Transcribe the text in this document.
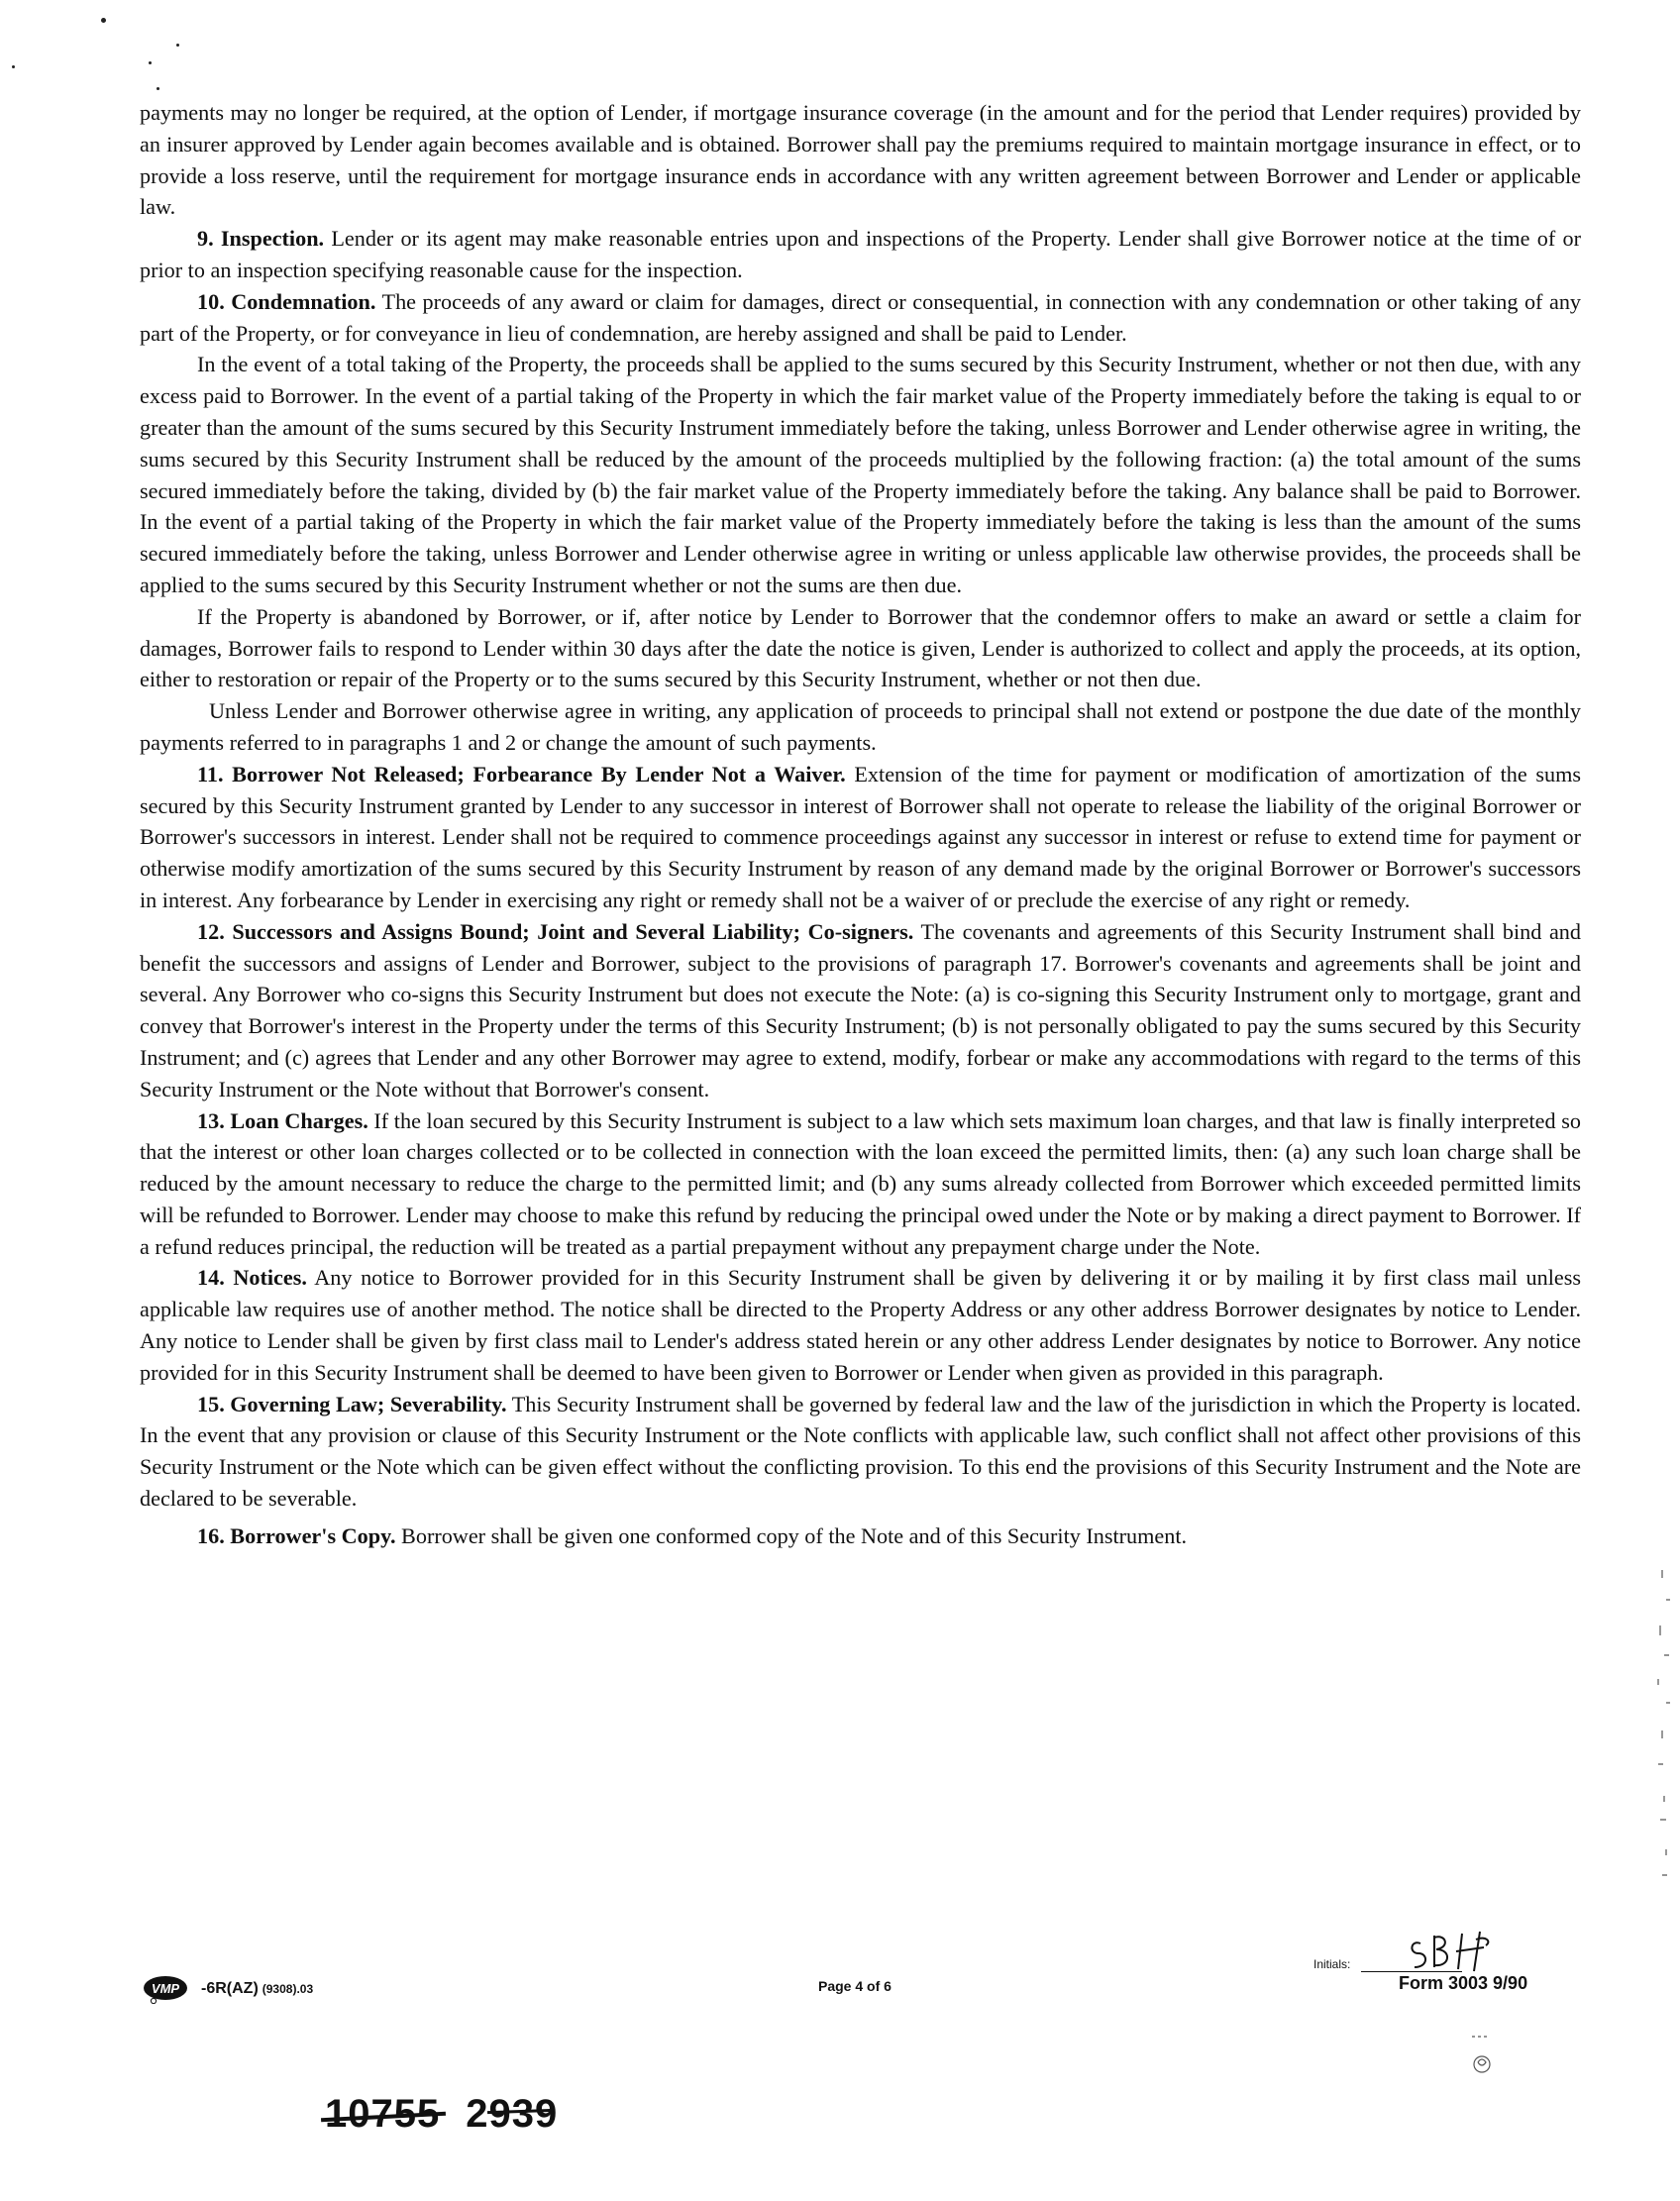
payments may no longer be required, at the option of Lender, if mortgage insurance coverage (in the amount and for the period that Lender requires) provided by an insurer approved by Lender again becomes available and is obtained. Borrower shall pay the premiums required to maintain mortgage insurance in effect, or to provide a loss reserve, until the requirement for mortgage insurance ends in accordance with any written agreement between Borrower and Lender or applicable law.

9. Inspection. Lender or its agent may make reasonable entries upon and inspections of the Property. Lender shall give Borrower notice at the time of or prior to an inspection specifying reasonable cause for the inspection.

10. Condemnation. The proceeds of any award or claim for damages, direct or consequential, in connection with any condemnation or other taking of any part of the Property, or for conveyance in lieu of condemnation, are hereby assigned and shall be paid to Lender.

In the event of a total taking of the Property, the proceeds shall be applied to the sums secured by this Security Instrument, whether or not then due, with any excess paid to Borrower. In the event of a partial taking of the Property in which the fair market value of the Property immediately before the taking is equal to or greater than the amount of the sums secured by this Security Instrument immediately before the taking, unless Borrower and Lender otherwise agree in writing, the sums secured by this Security Instrument shall be reduced by the amount of the proceeds multiplied by the following fraction: (a) the total amount of the sums secured immediately before the taking, divided by (b) the fair market value of the Property immediately before the taking. Any balance shall be paid to Borrower. In the event of a partial taking of the Property in which the fair market value of the Property immediately before the taking is less than the amount of the sums secured immediately before the taking, unless Borrower and Lender otherwise agree in writing or unless applicable law otherwise provides, the proceeds shall be applied to the sums secured by this Security Instrument whether or not the sums are then due.

If the Property is abandoned by Borrower, or if, after notice by Lender to Borrower that the condemnor offers to make an award or settle a claim for damages, Borrower fails to respond to Lender within 30 days after the date the notice is given, Lender is authorized to collect and apply the proceeds, at its option, either to restoration or repair of the Property or to the sums secured by this Security Instrument, whether or not then due.

Unless Lender and Borrower otherwise agree in writing, any application of proceeds to principal shall not extend or postpone the due date of the monthly payments referred to in paragraphs 1 and 2 or change the amount of such payments.

11. Borrower Not Released; Forbearance By Lender Not a Waiver. Extension of the time for payment or modification of amortization of the sums secured by this Security Instrument granted by Lender to any successor in interest of Borrower shall not operate to release the liability of the original Borrower or Borrower's successors in interest. Lender shall not be required to commence proceedings against any successor in interest or refuse to extend time for payment or otherwise modify amortization of the sums secured by this Security Instrument by reason of any demand made by the original Borrower or Borrower's successors in interest. Any forbearance by Lender in exercising any right or remedy shall not be a waiver of or preclude the exercise of any right or remedy.

12. Successors and Assigns Bound; Joint and Several Liability; Co-signers. The covenants and agreements of this Security Instrument shall bind and benefit the successors and assigns of Lender and Borrower, subject to the provisions of paragraph 17. Borrower's covenants and agreements shall be joint and several. Any Borrower who co-signs this Security Instrument but does not execute the Note: (a) is co-signing this Security Instrument only to mortgage, grant and convey that Borrower's interest in the Property under the terms of this Security Instrument; (b) is not personally obligated to pay the sums secured by this Security Instrument; and (c) agrees that Lender and any other Borrower may agree to extend, modify, forbear or make any accommodations with regard to the terms of this Security Instrument or the Note without that Borrower's consent.

13. Loan Charges. If the loan secured by this Security Instrument is subject to a law which sets maximum loan charges, and that law is finally interpreted so that the interest or other loan charges collected or to be collected in connection with the loan exceed the permitted limits, then: (a) any such loan charge shall be reduced by the amount necessary to reduce the charge to the permitted limit; and (b) any sums already collected from Borrower which exceeded permitted limits will be refunded to Borrower. Lender may choose to make this refund by reducing the principal owed under the Note or by making a direct payment to Borrower. If a refund reduces principal, the reduction will be treated as a partial prepayment without any prepayment charge under the Note.

14. Notices. Any notice to Borrower provided for in this Security Instrument shall be given by delivering it or by mailing it by first class mail unless applicable law requires use of another method. The notice shall be directed to the Property Address or any other address Borrower designates by notice to Lender. Any notice to Lender shall be given by first class mail to Lender's address stated herein or any other address Lender designates by notice to Borrower. Any notice provided for in this Security Instrument shall be deemed to have been given to Borrower or Lender when given as provided in this paragraph.

15. Governing Law; Severability. This Security Instrument shall be governed by federal law and the law of the jurisdiction in which the Property is located. In the event that any provision or clause of this Security Instrument or the Note conflicts with applicable law, such conflict shall not affect other provisions of this Security Instrument or the Note which can be given effect without the conflicting provision. To this end the provisions of this Security Instrument and the Note are declared to be severable.

16. Borrower's Copy. Borrower shall be given one conformed copy of the Note and of this Security Instrument.

VMP -6R(AZ) (9308).03	Page 4 of 6
Initials:
Form 3003 9/90
10755 2939
